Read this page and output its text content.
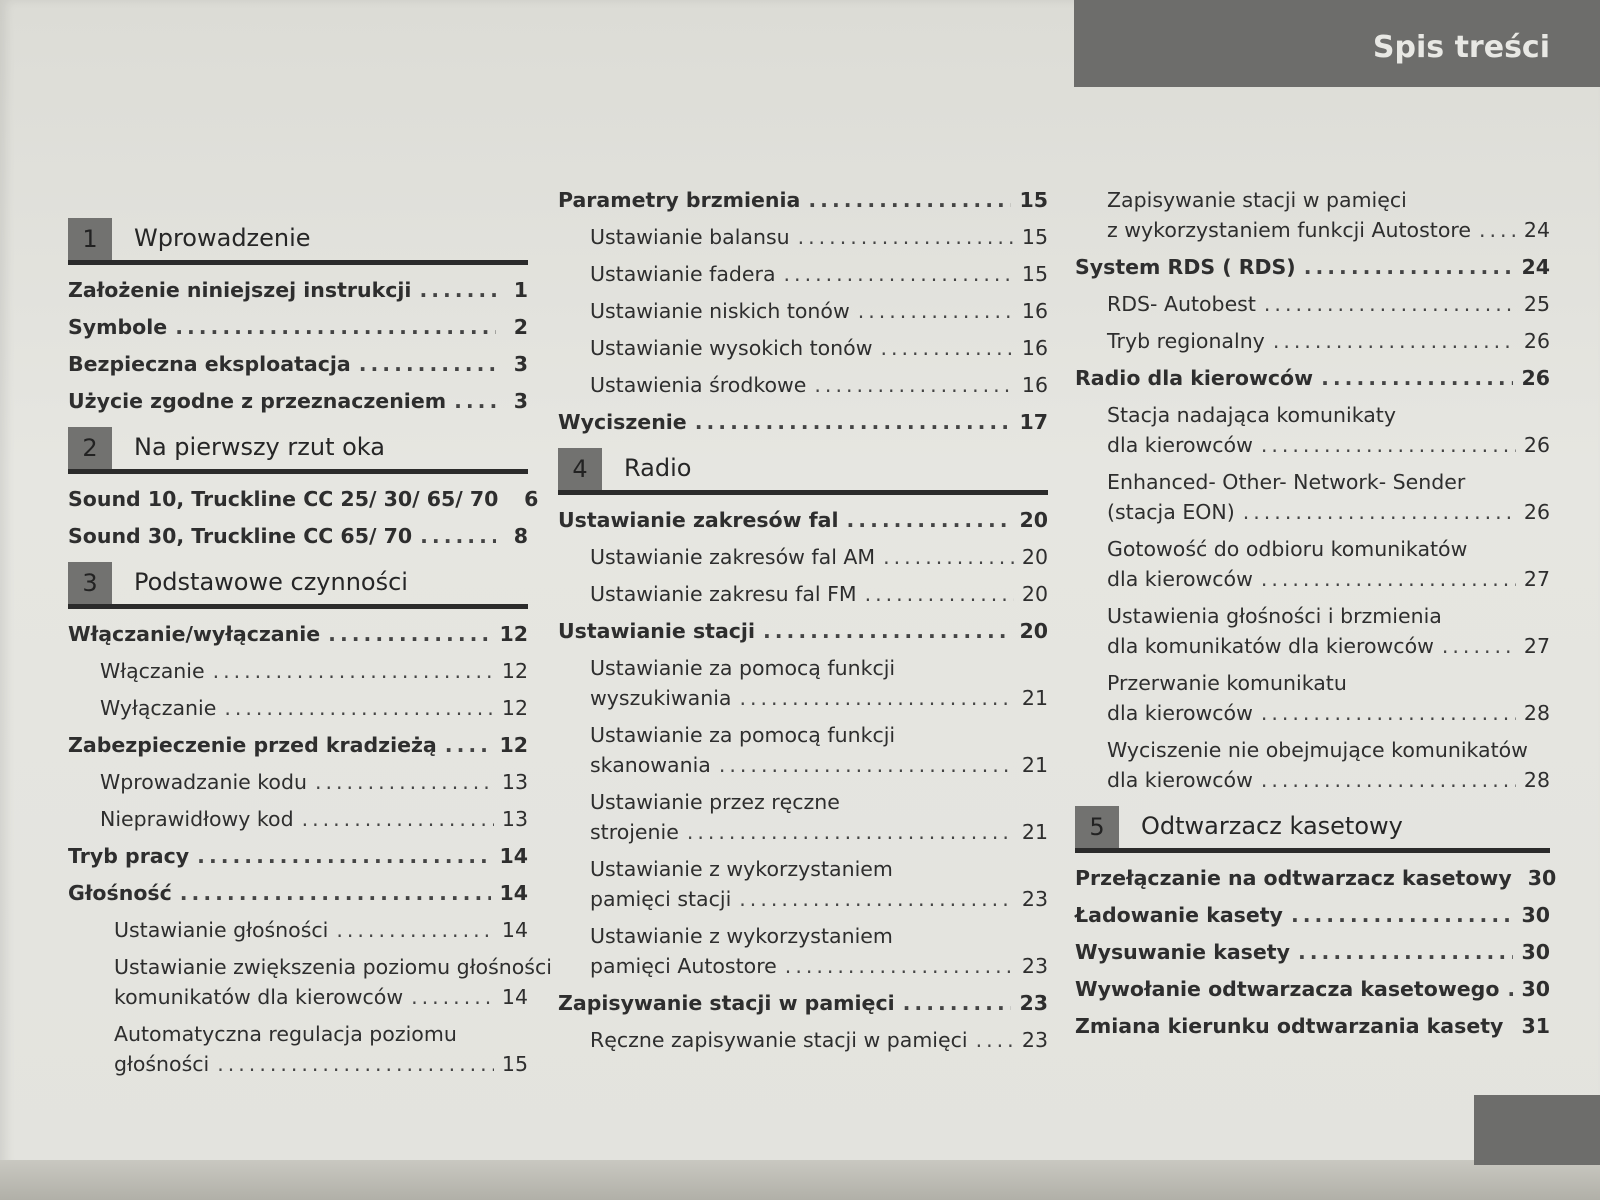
Spis treści
1	Wprowadzenie
Założenie niniejszej instrukcji .....	1
Symbole .....	2
Bezpieczna eksploatacja .....	3
Użycie zgodne z przeznaczeniem .....	3
2	Na pierwszy rzut oka
Sound 10, Truckline CC 25/ 30/ 65/ 70	6
Sound 30, Truckline CC 65/ 70 .....	8
3	Podstawowe czynności
Włączanie/wyłączanie .....	12
Włączanie .....	12
Wyłączanie .....	12
Zabezpieczenie przed kradzieżą .....	12
Wprowadzanie kodu .....	13
Nieprawidłowy kod .....	13
Tryb pracy .....	14
Głośność .....	14
Ustawianie głośności .....	14
Ustawianie zwiększenia poziomu głośności
komunikatów dla kierowców .....	14
Automatyczna regulacja poziomu
głośności .....	15
Parametry brzmienia .....	15
Ustawianie balansu .....	15
Ustawianie fadera .....	15
Ustawianie niskich tonów .....	16
Ustawianie wysokich tonów .....	16
Ustawienia środkowe .....	16
Wyciszenie .....	17
4	Radio
Ustawianie zakresów fal .....	20
Ustawianie zakresów fal AM .....	20
Ustawianie zakresu fal FM .....	20
Ustawianie stacji .....	20
Ustawianie za pomocą funkcji
wyszukiwania .....	21
Ustawianie za pomocą funkcji
skanowania .....	21
Ustawianie przez ręczne
strojenie .....	21
Ustawianie z wykorzystaniem
pamięci stacji .....	23
Ustawianie z wykorzystaniem
pamięci Autostore .....	23
Zapisywanie stacji w pamięci .....	23
Ręczne zapisywanie stacji w pamięci .....	23
Zapisywanie stacji w pamięci
z wykorzystaniem funkcji Autostore .....	24
System RDS ( RDS) .....	24
RDS- Autobest .....	25
Tryb regionalny .....	26
Radio dla kierowców .....	26
Stacja nadająca komunikaty
dla kierowców .....	26
Enhanced- Other- Network- Sender
(stacja EON) .....	26
Gotowość do odbioru komunikatów
dla kierowców .....	27
Ustawienia głośności i brzmienia
dla komunikatów dla kierowców .....	27
Przerwanie komunikatu
dla kierowców .....	28
Wyciszenie nie obejmujące komunikatów
dla kierowców .....	28
5	Odtwarzacz kasetowy
Przełączanie na odtwarzacz kasetowy 30
Ładowanie kasety .....	30
Wysuwanie kasety .....	30
Wywołanie odtwarzacza kasetowego ..... 30
Zmiana kierunku odtwarzania kasety ..... 31
